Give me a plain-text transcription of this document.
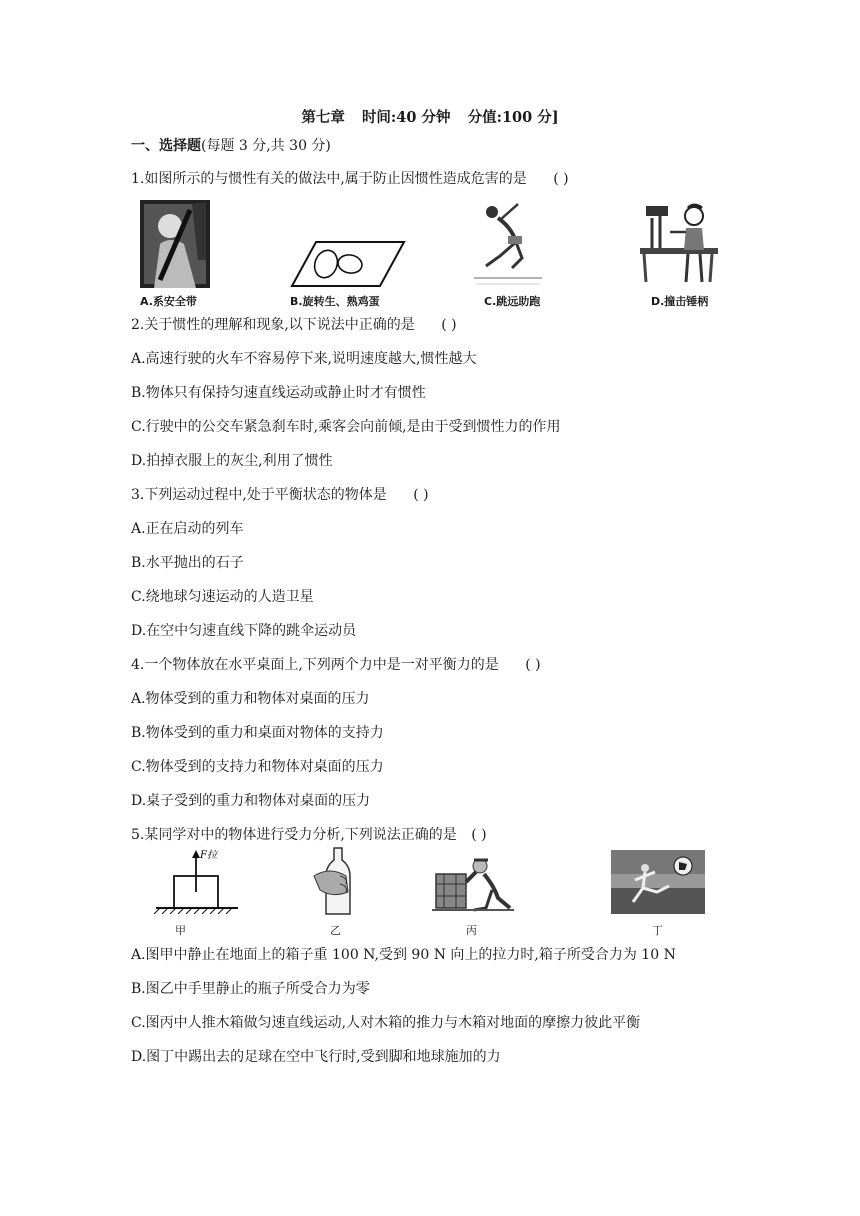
第七章 时间:40 分钟 分值:100 分]
一、选择题(每题 3 分,共 30 分)
1.如图所示的与惯性有关的做法中,属于防止因惯性造成危害的是 ( )
A.系安全带	B.旋转生、熟鸡蛋	C.跳远助跑	D.撞击锤柄
2.关于惯性的理解和现象,以下说法中正确的是 ( )
A.高速行驶的火车不容易停下来,说明速度越大,惯性越大
B.物体只有保持匀速直线运动或静止时才有惯性
C.行驶中的公交车紧急刹车时,乘客会向前倾,是由于受到惯性力的作用
D.拍掉衣服上的灰尘,利用了惯性
3.下列运动过程中,处于平衡状态的物体是 ( )
A.正在启动的列车
B.水平抛出的石子
C.绕地球匀速运动的人造卫星
D.在空中匀速直线下降的跳伞运动员
4.一个物体放在水平桌面上,下列两个力中是一对平衡力的是 ( )
A.物体受到的重力和物体对桌面的压力
B.物体受到的重力和桌面对物体的支持力
C.物体受到的支持力和物体对桌面的压力
D.桌子受到的重力和物体对桌面的压力
5.某同学对中的物体进行受力分析,下列说法正确的是 ( )
F拉
甲	乙	丙	丁
A.图甲中静止在地面上的箱子重 100 N,受到 90 N 向上的拉力时,箱子所受合力为 10 N
B.图乙中手里静止的瓶子所受合力为零
C.图丙中人推木箱做匀速直线运动,人对木箱的推力与木箱对地面的摩擦力彼此平衡
D.图丁中踢出去的足球在空中飞行时,受到脚和地球施加的力
